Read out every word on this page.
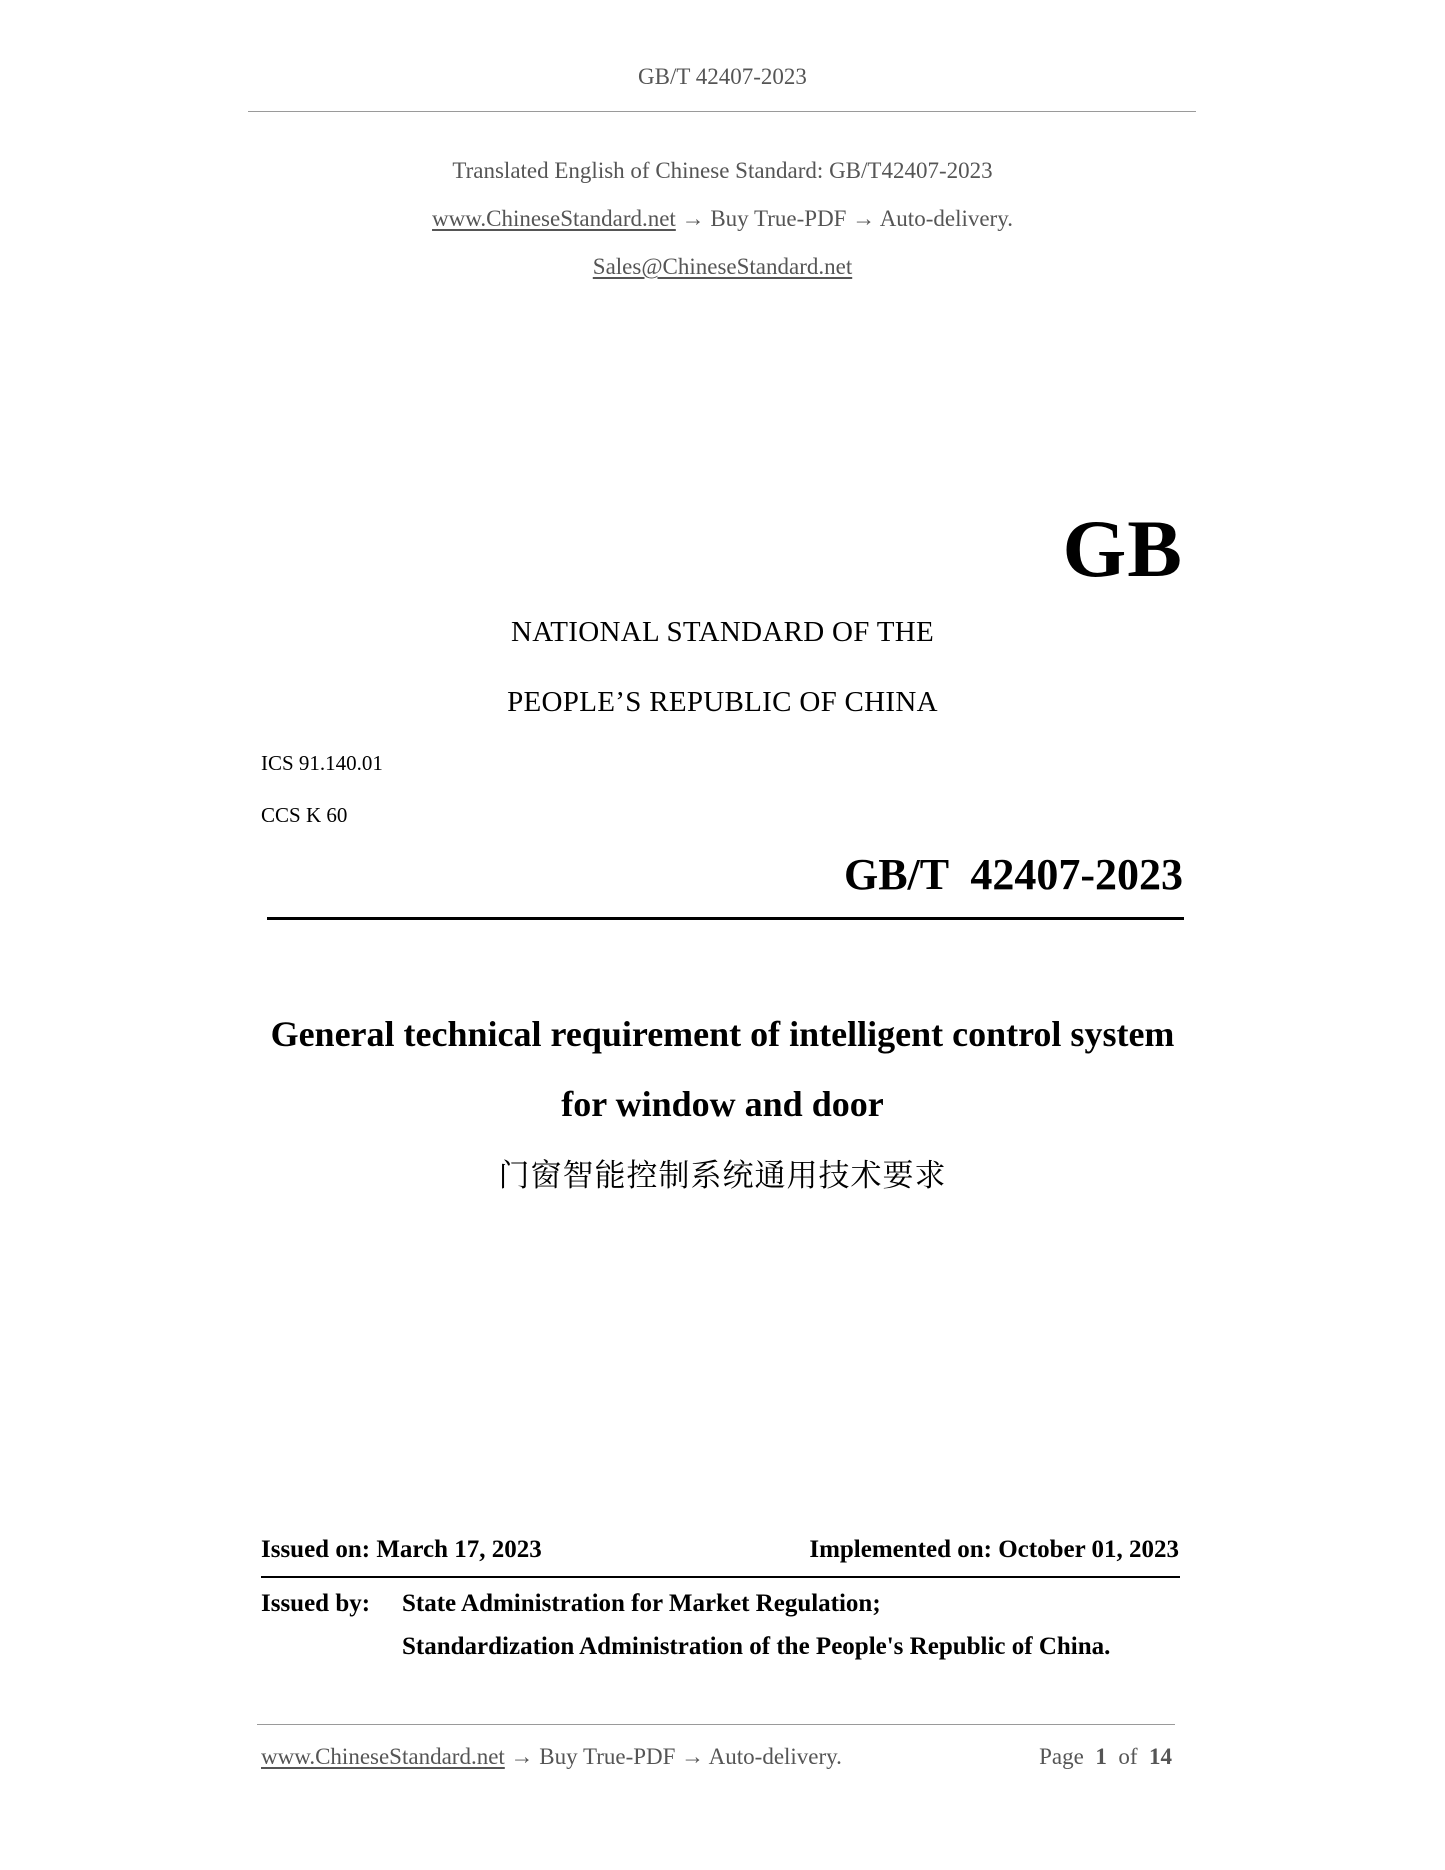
GB/T 42407-2023
Translated English of Chinese Standard: GB/T42407-2023
www.ChineseStandard.net → Buy True-PDF → Auto-delivery.
Sales@ChineseStandard.net
GB
NATIONAL STANDARD OF THE
PEOPLE’S REPUBLIC OF CHINA
ICS 91.140.01
CCS K 60
GB/T  42407-2023
General technical requirement of intelligent control system
for window and door
门窗智能控制系统通用技术要求
Issued on: March 17, 2023	Implemented on: October 01, 2023
Issued by: State Administration for Market Regulation;
Standardization Administration of the People's Republic of China.
www.ChineseStandard.net → Buy True-PDF → Auto-delivery.	Page 1 of 14
